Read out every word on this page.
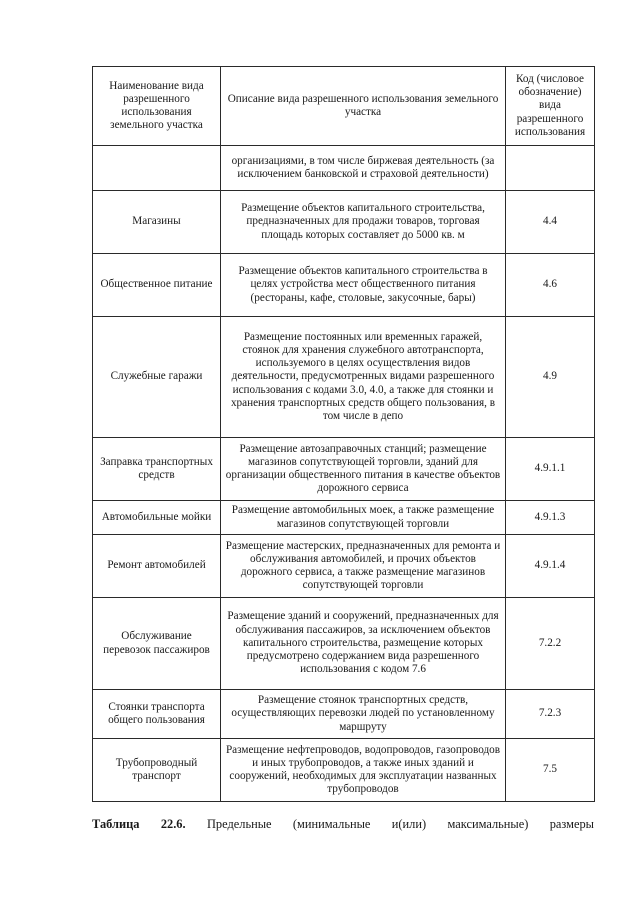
Наименование вида разрешенного использования земельного участка	Описание вида разрешенного использования земельного участка	Код (числовое обозначение) вида разрешенного использования
	организациями, в том числе биржевая деятельность (за исключением банковской и страховой деятельности)	
Магазины	Размещение объектов капитального строительства, предназначенных для продажи товаров, торговая площадь которых составляет до 5000 кв. м	4.4
Общественное питание	Размещение объектов капитального строительства в целях устройства мест общественного питания (рестораны, кафе, столовые, закусочные, бары)	4.6
Служебные гаражи	Размещение постоянных или временных гаражей, стоянок для хранения служебного автотранспорта, используемого в целях осуществления видов деятельности, предусмотренных видами разрешенного использования с кодами 3.0, 4.0, а также для стоянки и хранения транспортных средств общего пользования, в том числе в депо	4.9
Заправка транспортных средств	Размещение автозаправочных станций; размещение магазинов сопутствующей торговли, зданий для организации общественного питания в качестве объектов дорожного сервиса	4.9.1.1
Автомобильные мойки	Размещение автомобильных моек, а также размещение магазинов сопутствующей торговли	4.9.1.3
Ремонт автомобилей	Размещение мастерских, предназначенных для ремонта и обслуживания автомобилей, и прочих объектов дорожного сервиса, а также размещение магазинов сопутствующей торговли	4.9.1.4
Обслуживание перевозок пассажиров	Размещение зданий и сооружений, предназначенных для обслуживания пассажиров, за исключением объектов капитального строительства, размещение которых предусмотрено содержанием вида разрешенного использования с кодом 7.6	7.2.2
Стоянки транспорта общего пользования	Размещение стоянок транспортных средств, осуществляющих перевозки людей по установленному маршруту	7.2.3
Трубопроводный транспорт	Размещение нефтепроводов, водопроводов, газопроводов и иных трубопроводов, а также иных зданий и сооружений, необходимых для эксплуатации названных трубопроводов	7.5
Таблица 22.6. Предельные (минимальные и(или) максимальные) размеры
